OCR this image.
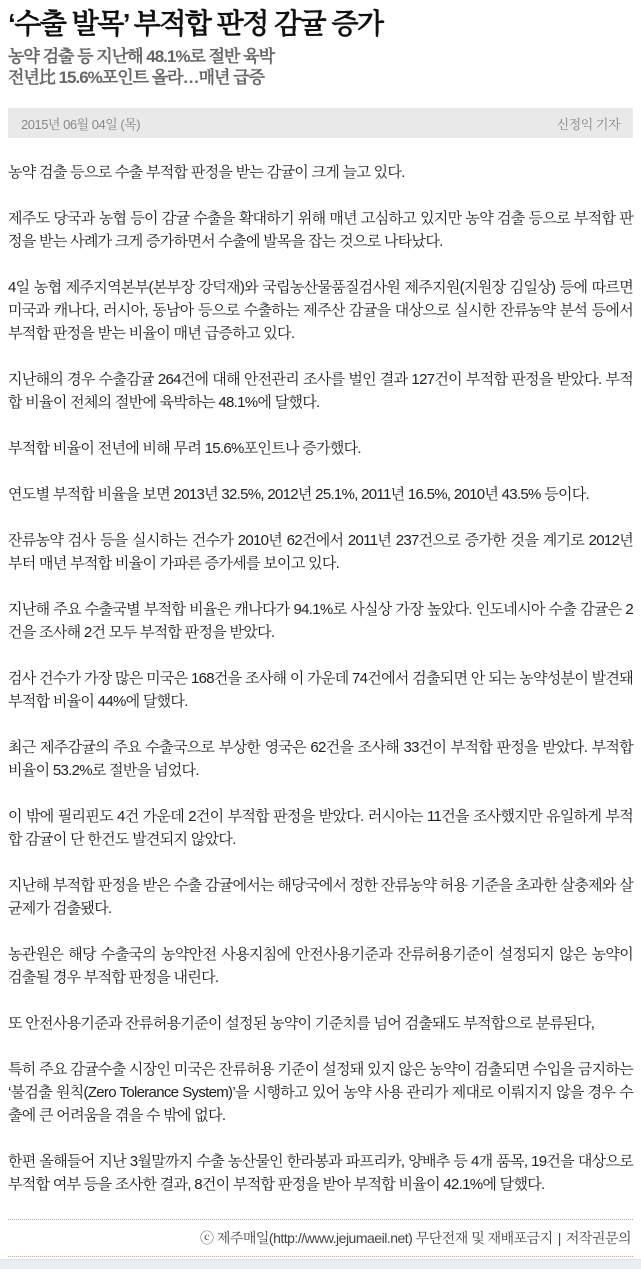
‘수출 발목’ 부적합 판정 감귤 증가
농약 검출 등 지난해 48.1%로 절반 육박
전년比 15.6%포인트 올라…매년 급증
2015년 06월 04일 (목)	신정익 기자

농약 검출 등으로 수출 부적합 판정을 받는 감귤이 크게 늘고 있다.

제주도 당국과 농협 등이 감귤 수출을 확대하기 위해 매년 고심하고 있지만 농약 검출 등으로 부적합 판정을 받는 사례가 크게 증가하면서 수출에 발목을 잡는 것으로 나타났다.

4일 농협 제주지역본부(본부장 강덕재)와 국립농산물품질검사원 제주지원(지원장 김일상) 등에 따르면 미국과 캐나다, 러시아, 동남아 등으로 수출하는 제주산 감귤을 대상으로 실시한 잔류농약 분석 등에서 부적합 판정을 받는 비율이 매년 급증하고 있다.

지난해의 경우 수출감귤 264건에 대해 안전관리 조사를 벌인 결과 127건이 부적합 판정을 받았다. 부적합 비율이 전체의 절반에 육박하는 48.1%에 달했다.

부적합 비율이 전년에 비해 무려 15.6%포인트나 증가했다.

연도별 부적합 비율을 보면 2013년 32.5%, 2012년 25.1%, 2011년 16.5%, 2010년 43.5% 등이다.

잔류농약 검사 등을 실시하는 건수가 2010년 62건에서 2011년 237건으로 증가한 것을 계기로 2012년부터 매년 부적합 비율이 가파른 증가세를 보이고 있다.

지난해 주요 수출국별 부적합 비율은 캐나다가 94.1%로 사실상 가장 높았다. 인도네시아 수출 감귤은 2건을 조사해 2건 모두 부적합 판정을 받았다.

검사 건수가 가장 많은 미국은 168건을 조사해 이 가운데 74건에서 검출되면 안 되는 농약성분이 발견돼 부적합 비율이 44%에 달했다.

최근 제주감귤의 주요 수출국으로 부상한 영국은 62건을 조사해 33건이 부적합 판정을 받았다. 부적합 비율이 53.2%로 절반을 넘었다.

이 밖에 필리핀도 4건 가운데 2건이 부적합 판정을 받았다. 러시아는 11건을 조사했지만 유일하게 부적합 감귤이 단 한건도 발견되지 않았다.

지난해 부적합 판정을 받은 수출 감귤에서는 해당국에서 정한 잔류농약 허용 기준을 초과한 살충제와 살균제가 검출됐다.

농관원은 해당 수출국의 농약안전 사용지침에 안전사용기준과 잔류허용기준이 설정되지 않은 농약이 검출될 경우 부적합 판정을 내린다.

또 안전사용기준과 잔류허용기준이 설정된 농약이 기준치를 넘어 검출돼도 부적합으로 분류된다,

특히 주요 감귤수출 시장인 미국은 잔류허용 기준이 설정돼 있지 않은 농약이 검출되면 수입을 금지하는 ‘불검출 원칙(Zero Tolerance System)’을 시행하고 있어 농약 사용 관리가 제대로 이뤄지지 않을 경우 수출에 큰 어려움을 겪을 수 밖에 없다.

한편 올해들어 지난 3월말까지 수출 농산물인 한라봉과 파프리카, 양배추 등 4개 품목, 19건을 대상으로 부적합 여부 등을 조사한 결과, 8건이 부적합 판정을 받아 부적합 비율이 42.1%에 달했다.

ⓒ 제주매일(http://www.jejumaeil.net) 무단전재 및 재배포금지 | 저작권문의
